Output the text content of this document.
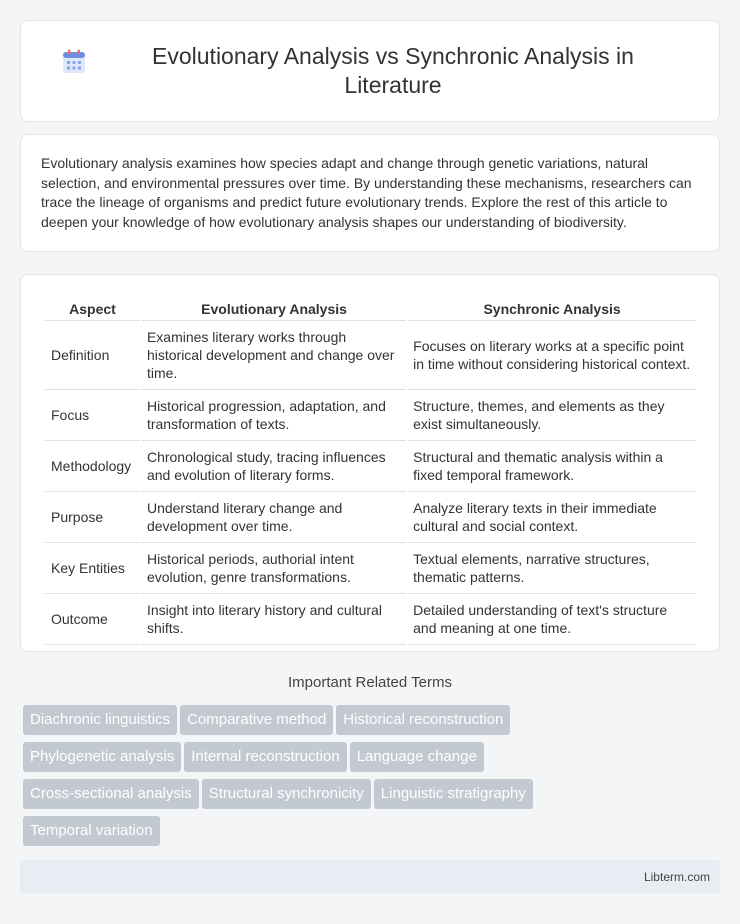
Evolutionary Analysis vs Synchronic Analysis in Literature

Evolutionary analysis examines how species adapt and change through genetic variations, natural selection, and environmental pressures over time. By understanding these mechanisms, researchers can trace the lineage of organisms and predict future evolutionary trends. Explore the rest of this article to deepen your knowledge of how evolutionary analysis shapes our understanding of biodiversity.

Aspect	Evolutionary Analysis	Synchronic Analysis
Definition	Examines literary works through historical development and change over time.	Focuses on literary works at a specific point in time without considering historical context.
Focus	Historical progression, adaptation, and transformation of texts.	Structure, themes, and elements as they exist simultaneously.
Methodology	Chronological study, tracing influences and evolution of literary forms.	Structural and thematic analysis within a fixed temporal framework.
Purpose	Understand literary change and development over time.	Analyze literary texts in their immediate cultural and social context.
Key Entities	Historical periods, authorial intent evolution, genre transformations.	Textual elements, narrative structures, thematic patterns.
Outcome	Insight into literary history and cultural shifts.	Detailed understanding of text's structure and meaning at one time.
Important Related Terms
Diachronic linguistics Comparative method Historical reconstruction
Phylogenetic analysis Internal reconstruction Language change
Cross-sectional analysis Structural synchronicity Linguistic stratigraphy
Temporal variation
Libterm.com
